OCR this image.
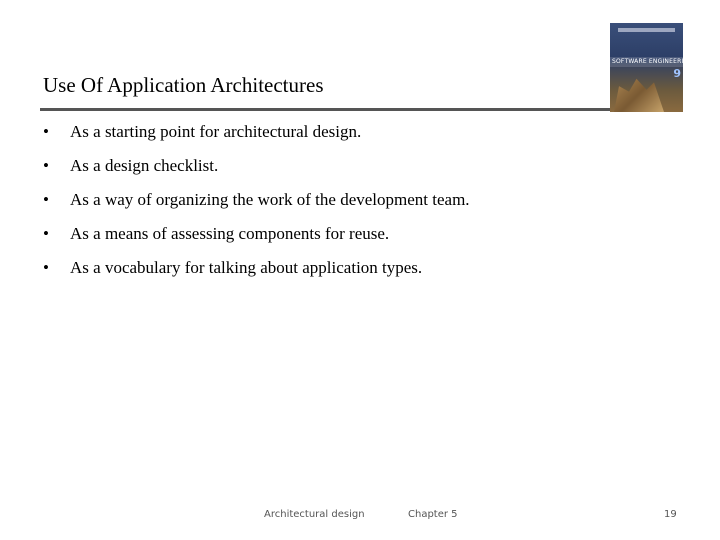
Use Of Application Architectures
SOFTWARE ENGINEERING
9
•	As a starting point for architectural design.
•	As a design checklist.
•	As a way of organizing the work of the development team.
•	As a means of assessing components for reuse.
•	As a vocabulary for talking about application types.
Architectural design	Chapter 5	19
